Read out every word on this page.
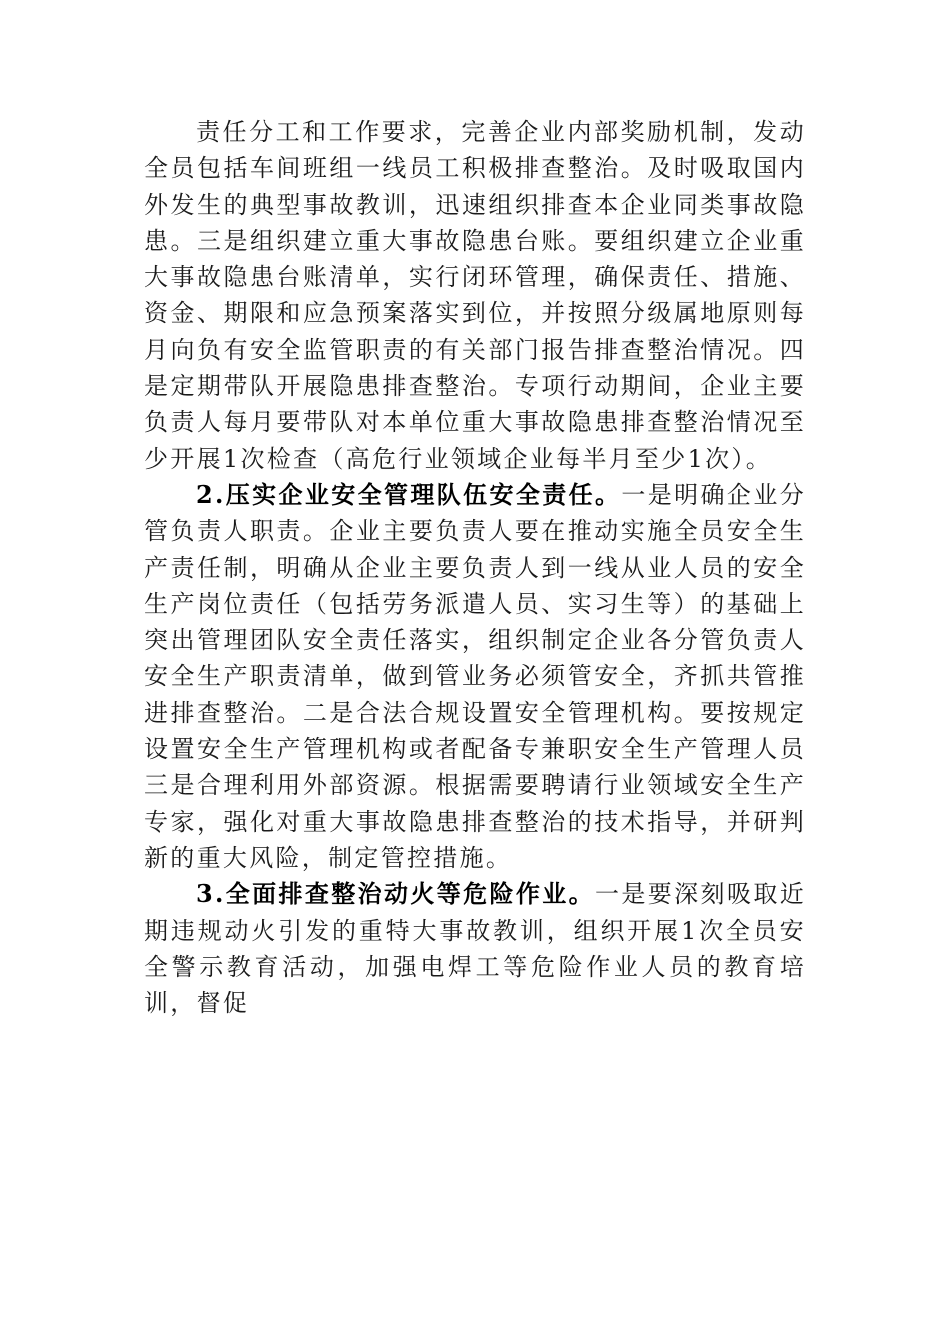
责任分工和工作要求，完善企业内部奖励机制，发动全员包括车间班组一线员工积极排查整治。及时吸取国内外发生的典型事故教训，迅速组织排查本企业同类事故隐患。三是组织建立重大事故隐患台账。要组织建立企业重大事故隐患台账清单，实行闭环管理，确保责任、措施、资金、期限和应急预案落实到位，并按照分级属地原则每月向负有安全监管职责的有关部门报告排查整治情况。四是定期带队开展隐患排查整治。专项行动期间，企业主要负责人每月要带队对本单位重大事故隐患排查整治情况至少开展1次检查（高危行业领域企业每半月至少1次）。

2.压实企业安全管理队伍安全责任。一是明确企业分管负责人职责。企业主要负责人要在推动实施全员安全生产责任制，明确从企业主要负责人到一线从业人员的安全生产岗位责任（包括劳务派遣人员、实习生等）的基础上突出管理团队安全责任落实，组织制定企业各分管负责人安全生产职责清单，做到管业务必须管安全，齐抓共管推进排查整治。二是合法合规设置安全管理机构。要按规定设置安全生产管理机构或者配备专兼职安全生产管理人员三是合理利用外部资源。根据需要聘请行业领域安全生产专家，强化对重大事故隐患排查整治的技术指导，并研判新的重大风险，制定管控措施。

3.全面排查整治动火等危险作业。一是要深刻吸取近期违规动火引发的重特大事故教训，组织开展1次全员安全警示教育活动，加强电焊工等危险作业人员的教育培训，督促
